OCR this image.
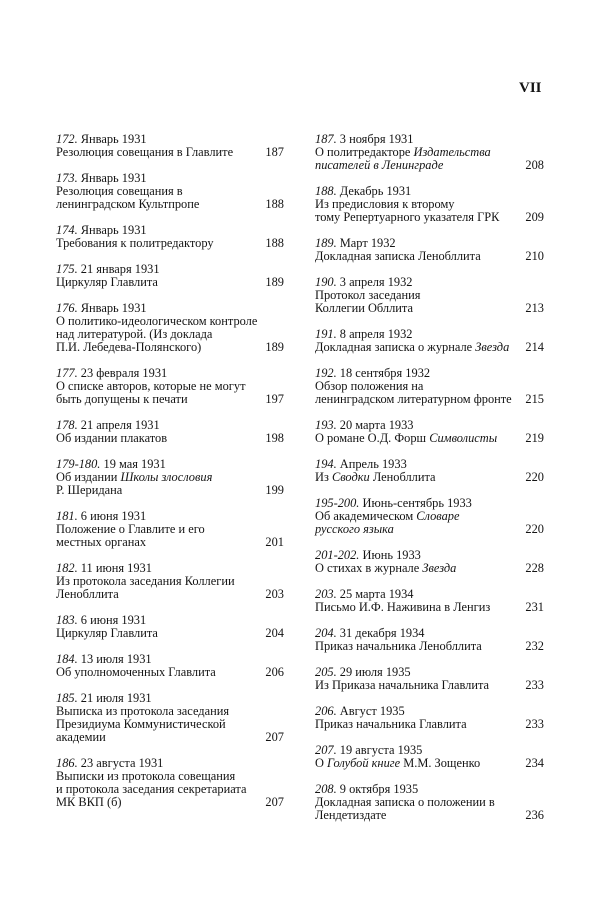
VII
172. Январь 1931
Резолюция совещания в Главлите	187
173. Январь 1931
Резолюция совещания в
ленинградском Культпропе	188
174. Январь 1931
Требования к политредактору	188
175. 21 января 1931
Циркуляр Главлита	189
176. Январь 1931
О политико-идеологическом контроле
над литературой. (Из доклада
П.И. Лебедева-Полянского)	189
177. 23 февраля 1931
О списке авторов, которые не могут
быть допущены к печати	197
178. 21 апреля 1931
Об издании плакатов	198
179-180. 19 мая 1931
Об издании Школы злословия
Р. Шеридана	199
181. 6 июня 1931
Положение о Главлите и его
местных органах	201
182. 11 июня 1931
Из протокола заседания Коллегии
Ленобллита	203
183. 6 июня 1931
Циркуляр Главлита	204
184. 13 июля 1931
Об уполномоченных Главлита	206
185. 21 июля 1931
Выписка из протокола заседания
Президиума Коммунистической
академии	207
186. 23 августа 1931
Выписки из протокола совещания
и протокола заседания секретариата
МК ВКП (б)	207
187. 3 ноября 1931
О политредакторе Издательства
писателей в Ленинграде	208
188. Декабрь 1931
Из предисловия к второму
тому Репертуарного указателя ГРК 209
189. Март 1932
Докладная записка Ленобллита	210
190. 3 апреля 1932
Протокол заседания
Коллегии Обллита	213
191. 8 апреля 1932
Докладная записка о журнале Звезда 214
192. 18 сентября 1932
Обзор положения на
ленинградском литературном фронте 215
193. 20 марта 1933
О романе О.Д. Форш Символисты 219
194. Апрель 1933
Из Сводки Ленобллита	220
195-200. Июнь-сентябрь 1933
Об академическом Словаре
русского языка	220
201-202. Июнь 1933
О стихах в журнале Звезда	228
203. 25 марта 1934
Письмо И.Ф. Наживина в Ленгиз	231
204. 31 декабря 1934
Приказ начальника Ленобллита	232
205. 29 июля 1935
Из Приказа начальника Главлита	233
206. Август 1935
Приказ начальника Главлита	233
207. 19 августа 1935
О Голубой книге М.М. Зощенко	234
208. 9 октября 1935
Докладная записка о положении в
Лендетиздате	236
